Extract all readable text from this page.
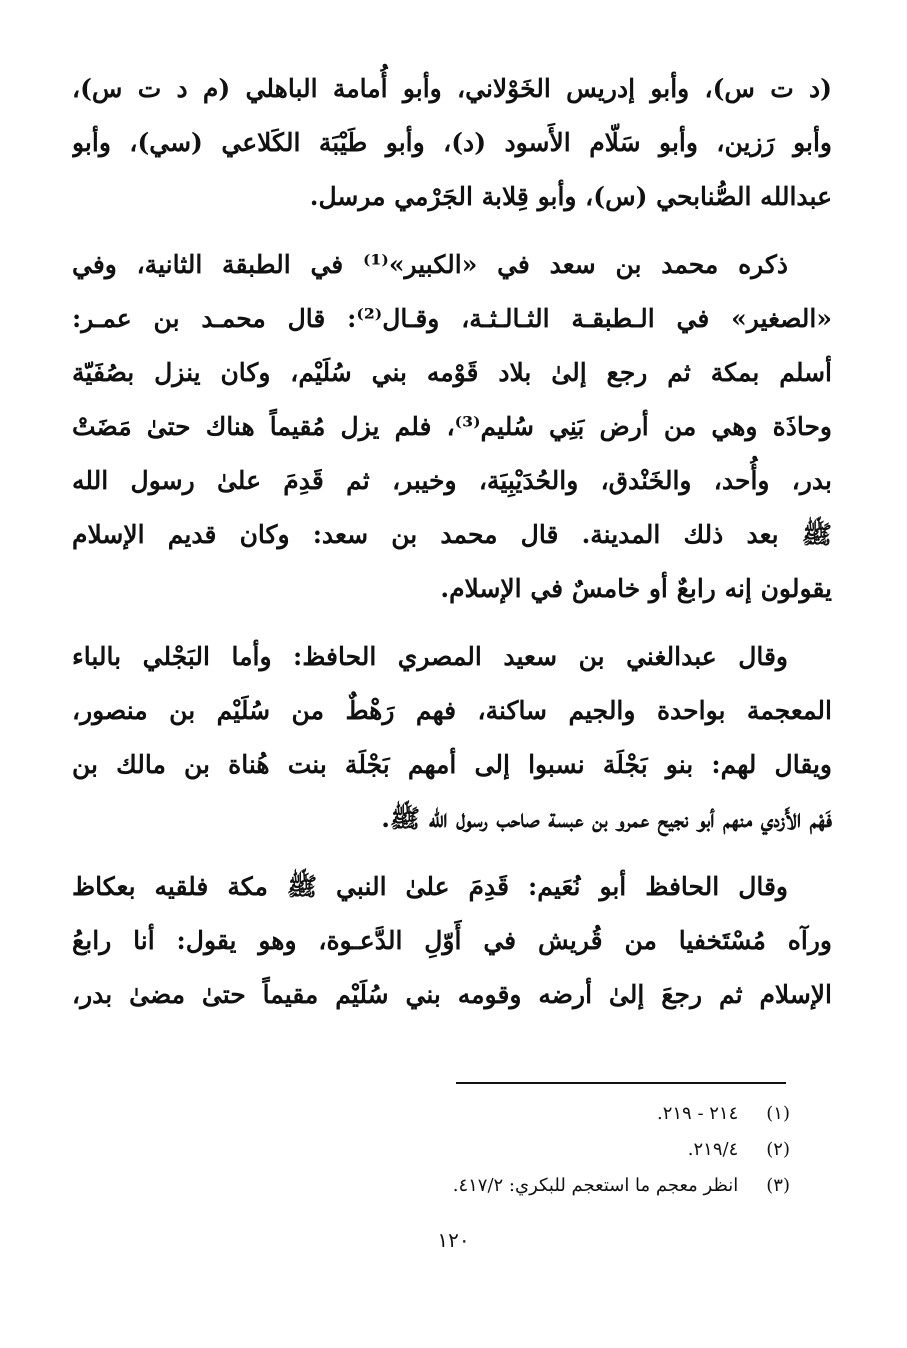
(د ت س)، وأبو إدريس الخَوْلاني، وأبو أُمامة الباهلي (م د ت س)،
وأبو رَزين، وأبو سَلّام الأَسود (د)، وأبو طَيْبَة الكَلاعي (سي)، وأبو
عبدالله الصُّنابحي (س)، وأبو قِلابة الجَرْمي مرسل.
ذكره محمد بن سعد في «الكبير»⁽¹⁾ في الطبقة الثانية، وفي
«الصغير» في الـطبقـة الثـالـثـة، وقـال⁽²⁾: قال محمـد بن عمـر:
أسلم بمكة ثم رجع إلىٰ بلاد قَوْمه بني سُلَيْم، وكان ينزل بصُفَيّة
وحاذَة وهي من أرض بَنِي سُليم⁽³⁾، فلم يزل مُقيماً هناك حتىٰ مَضَتْ
بدر، وأُحد، والخَنْدق، والحُدَيْبِيَة، وخيبر، ثم قَدِمَ علىٰ رسول الله
ﷺ بعد ذلك المدينة. قال محمد بن سعد: وكان قديم الإسلام
يقولون إنه رابعٌ أو خامسٌ في الإسلام.
وقال عبدالغني بن سعيد المصري الحافظ: وأما البَجْلي بالباء
المعجمة بواحدة والجيم ساكنة، فهم رَهْطٌ من سُلَيْم بن منصور،
ويقال لهم: بنو بَجْلَة نسبوا إلى أمهم بَجْلَة بنت هُناة بن مالك بن
فَهْم الأَزدي منهم أبو نجيح عمرو بن عبسة صاحب رسول الله ﷺ.
وقال الحافظ أبو نُعَيم: قَدِمَ علىٰ النبي ﷺ مكة فلقيه بعكاظ
ورآه مُسْتَخفيا من قُريش في أَوّلِ الدَّعـوة، وهو يقول: أنا رابعُ
الإسلام ثم رجعَ إلىٰ أرضه وقومه بني سُلَيْم مقيماً حتىٰ مضىٰ بدر،
(١) ٢١٤ - ٢١٩.
(٢) ٢١٩/٤.
(٣) انظر معجم ما استعجم للبكري: ٤١٧/٢.
١٢٠
